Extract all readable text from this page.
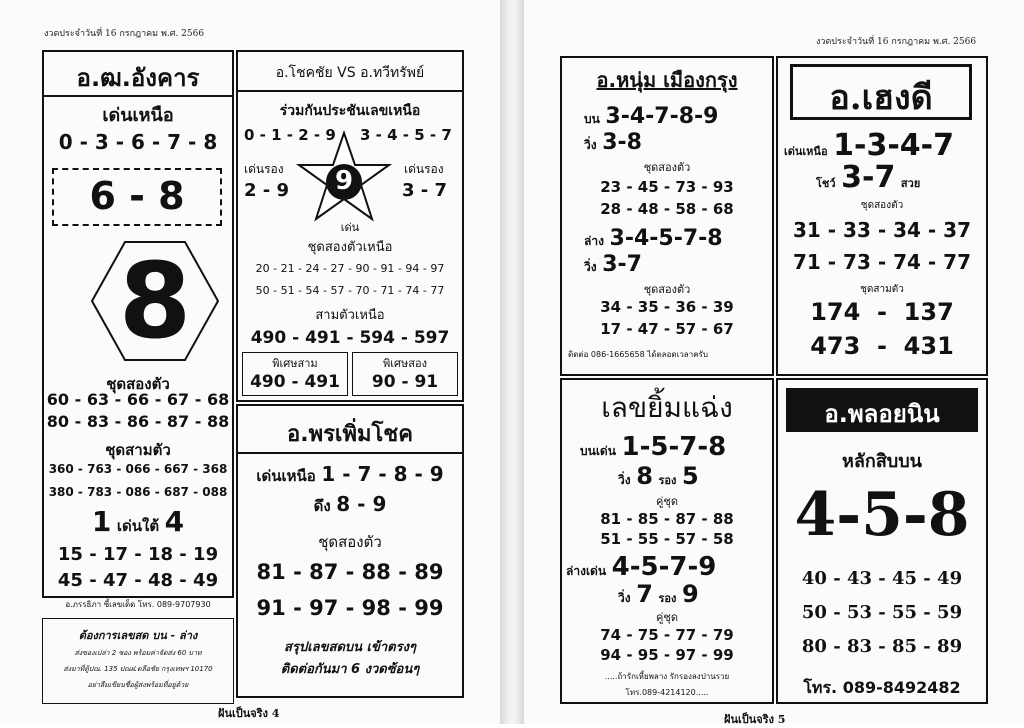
งวดประจำวันที่ 16 กรกฎาคม พ.ศ. 2566
อ.ฒ.อังคาร
เด่นเหนือ
0 - 3 - 6 - 7 - 8
6 - 8
8
ชุดสองตัว
60 - 63 - 66 - 67 - 68
80 - 83 - 86 - 87 - 88
ชุดสามตัว
360 - 763 - 066 - 667 - 368
380 - 783 - 086 - 687 - 088
1 เด่นใต้ 4
15 - 17 - 18 - 19
45 - 47 - 48 - 49
อ.ภรรธิภา ซี้เลขเด็ด โทร. 089-9707930
ต้องการเลขสด บน - ล่าง
ส่งซองเปล่า 2 ซอง พร้อมค่าจัดส่ง 60 บาท
ส่งมาที่ตู้ปณ. 135 ปณฝ.ดลีอชัย กรุงเทพฯ 10170
อย่าลืมเขียนชื่อผู้ส่งพร้อมที่อยู่ด้วย
อ.โชคชัย VS อ.ทวีทรัพย์
ร่วมกันประชันเลขเหนือ
0 - 1 - 2 - 9 3 - 4 - 5 - 7
เด่นรอง
2 - 9
เด่นรอง
3 - 7
9
เด่น
ชุดสองตัวเหนือ
20 - 21 - 24 - 27 - 90 - 91 - 94 - 97
50 - 51 - 54 - 57 - 70 - 71 - 74 - 77
สามตัวเหนือ
490 - 491 - 594 - 597
พิเศษสาม
490 - 491
พิเศษสอง
90 - 91
อ.พรเพิ่มโชค
เด่นเหนือ 1 - 7 - 8 - 9
ดึง 8 - 9
ชุดสองตัว
81 - 87 - 88 - 89
91 - 97 - 98 - 99
สรุปเลขสดบน เข้าตรงๆ
ติดต่อกันมา 6 งวดซ้อนๆ
ฝันเป็นจริง 4
งวดประจำวันที่ 16 กรกฎาคม พ.ศ. 2566
อ.หนุ่ม เมืองกรุง
บน 3-4-7-8-9
วิ่ง 3-8
ชุดสองตัว
23 - 45 - 73 - 93
28 - 48 - 58 - 68
ล่าง 3-4-5-7-8
วิ่ง 3-7
ชุดสองตัว
34 - 35 - 36 - 39
17 - 47 - 57 - 67
ติดต่อ 086-1665658 ได้ตลอดเวลาครับ
อ.เฮงดี
เด่นเหนือ 1-3-4-7
โชว์ 3-7 สวย
ชุดสองตัว
31 - 33 - 34 - 37
71 - 73 - 74 - 77
ชุดสามตัว
174  -  137
473  -  431
เลขยิ้มแฉ่ง
บนเด่น 1-5-7-8
วิ่ง 8 รอง 5
คู่ชุด
81 - 85 - 87 - 88
51 - 55 - 57 - 58
ล่างเด่น 4-5-7-9
วิ่ง 7 รอง 9
คู่ชุด
74 - 75 - 77 - 79
94 - 95 - 97 - 99
.....ถ้ารักเหี้ยพลาง รักรองลงปานรวย
โทร.089-4214120.....
อ.พลอยนิน
หลักสิบบน
4-5-8
40 - 43 - 45 - 49
50 - 53 - 55 - 59
80 - 83 - 85 - 89
โทร. 089-8492482
ฝันเป็นจริง 5
